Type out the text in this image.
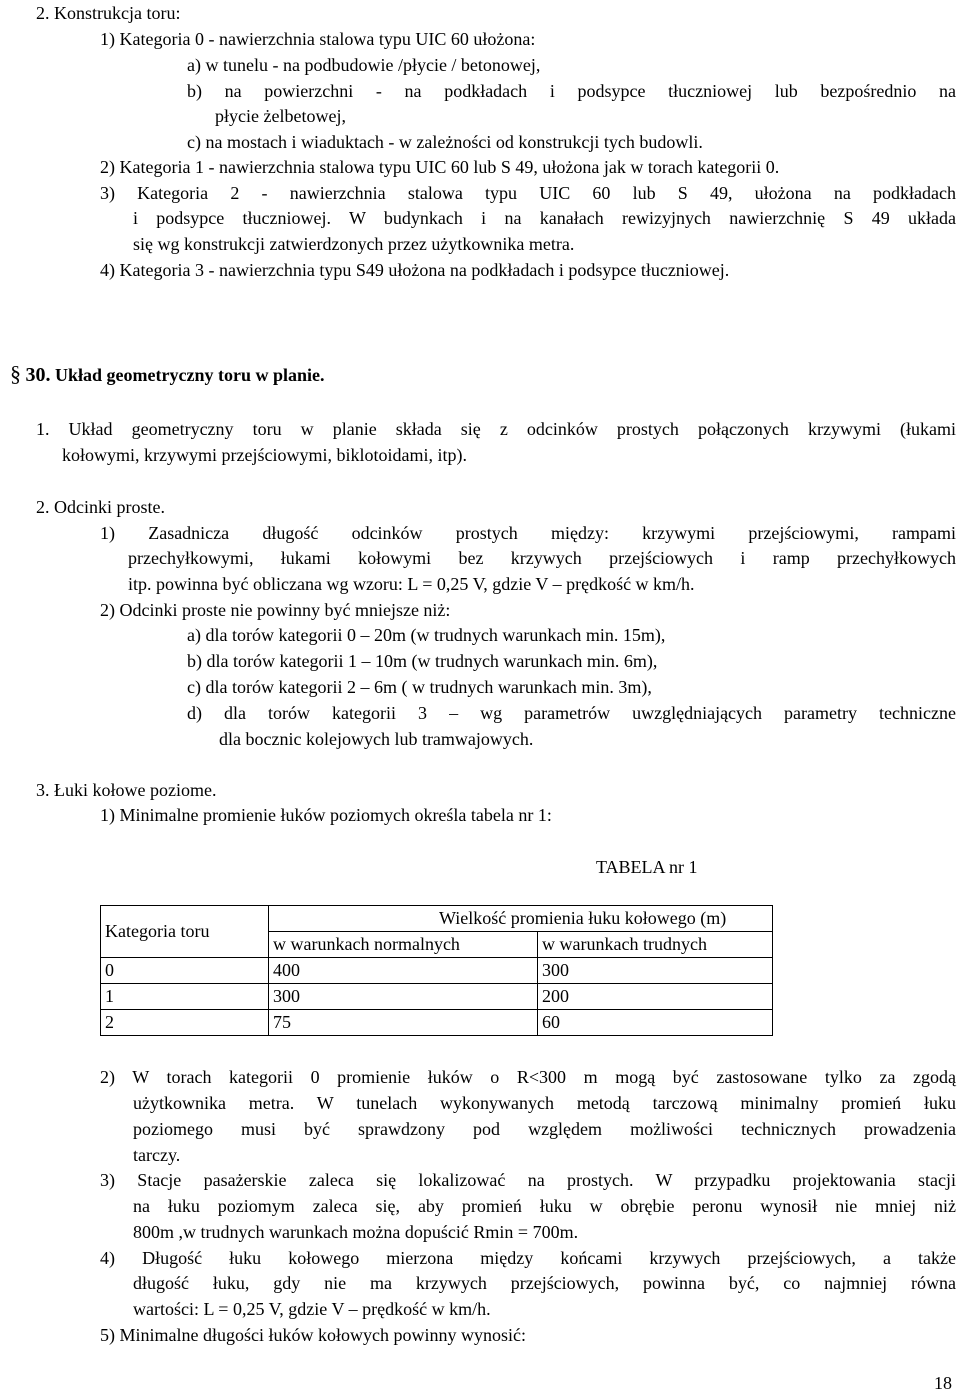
2. Konstrukcja toru:
1) Kategoria 0 - nawierzchnia stalowa typu UIC 60 ułożona:
a) w tunelu - na podbudowie /płycie / betonowej,
b) na powierzchni - na podkładach i podsypce tłuczniowej lub bezpośrednio na
płycie żelbetowej,
c) na mostach i wiaduktach - w zależności od konstrukcji tych budowli.
2) Kategoria 1 - nawierzchnia stalowa typu UIC 60 lub S 49, ułożona jak w torach kategorii 0.
3) Kategoria 2 - nawierzchnia stalowa typu UIC 60 lub S 49, ułożona na podkładach
i podsypce tłuczniowej. W budynkach i na kanałach rewizyjnych nawierzchnię S 49 układa
się wg konstrukcji zatwierdzonych przez użytkownika metra.
4) Kategoria 3 - nawierzchnia typu S49 ułożona na podkładach i podsypce tłuczniowej.
§ 30. Układ geometryczny toru w planie.
1. Układ geometryczny toru w planie składa się z odcinków prostych połączonych krzywymi (łukami
kołowymi, krzywymi przejściowymi, biklotoidami, itp).
2. Odcinki proste.
1) Zasadnicza długość odcinków prostych między: krzywymi przejściowymi, rampami
przechyłkowymi, łukami kołowymi bez krzywych przejściowych i ramp przechyłkowych
itp. powinna być obliczana wg wzoru: L = 0,25 V, gdzie V – prędkość w km/h.
2) Odcinki proste nie powinny być mniejsze niż:
a) dla torów kategorii 0 – 20m (w trudnych warunkach min. 15m),
b) dla torów kategorii 1 – 10m (w trudnych warunkach min. 6m),
c) dla torów kategorii 2 – 6m ( w trudnych warunkach min. 3m),
d) dla torów kategorii 3 – wg parametrów uwzględniających parametry techniczne
dla bocznic kolejowych lub tramwajowych.
3. Łuki kołowe poziome.
1) Minimalne promienie łuków poziomych określa tabela nr 1:
TABELA nr 1
Kategoria toru	Wielkość promienia łuku kołowego (m)	
	w warunkach normalnych	w warunkach trudnych
0	400	300
1	300	200
2	75	60
2) W torach kategorii 0 promienie łuków o R<300 m mogą być zastosowane tylko za zgodą
użytkownika metra. W tunelach wykonywanych metodą tarczową minimalny promień łuku
poziomego musi być sprawdzony pod względem możliwości technicznych prowadzenia
tarczy.
3) Stacje pasażerskie zaleca się lokalizować na prostych. W przypadku projektowania stacji
na łuku poziomym zaleca się, aby promień łuku w obrębie peronu wynosił nie mniej niż
800m ,w trudnych warunkach można dopuścić Rmin = 700m.
4) Długość łuku kołowego mierzona między końcami krzywych przejściowych, a także
długość łuku, gdy nie ma krzywych przejściowych, powinna być, co najmniej równa
wartości: L = 0,25 V, gdzie V – prędkość w km/h.
5) Minimalne długości łuków kołowych powinny wynosić:
18
